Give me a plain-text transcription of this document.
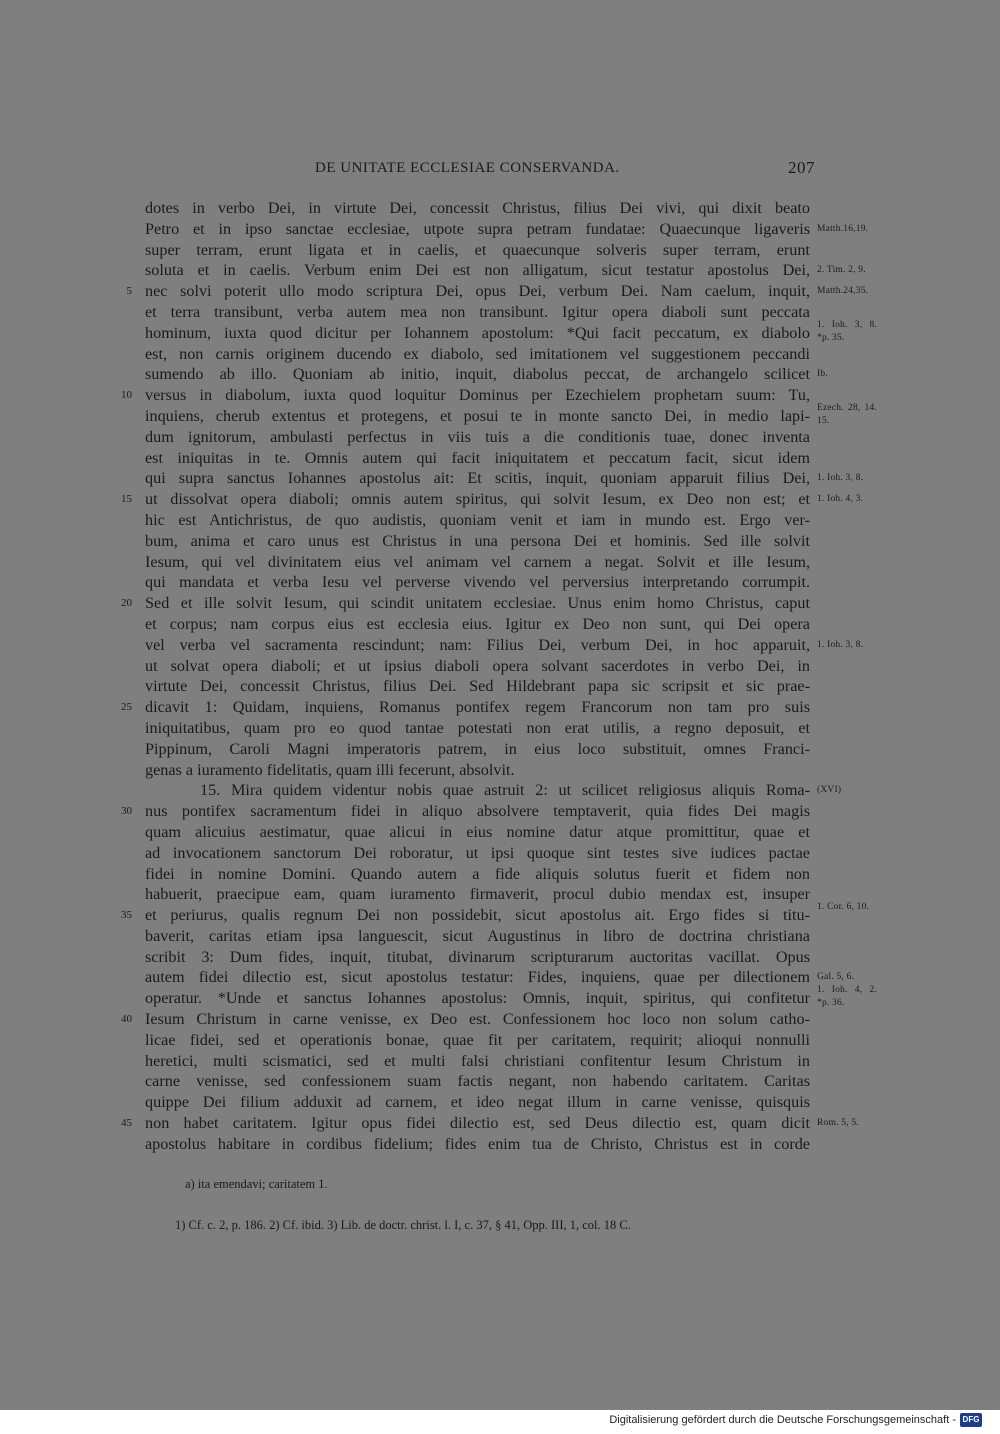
DE UNITATE ECCLESIAE CONSERVANDA.	207
dotes in verbo Dei, in virtute Dei, concessit Christus, filius Dei vivi, qui dixit beato
Petro et in ipso sanctae ecclesiae, utpote supra petram fundatae: Quaecunque ligaveris Matth.16,19.
super terram, erunt ligata et in caelis, et quaecunque solveris super terram, erunt
soluta et in caelis. Verbum enim Dei est non alligatum, sicut testatur apostolus Dei, 2. Tim. 2, 9.
5 nec solvi poterit ullo modo scriptura Dei, opus Dei, verbum Dei. Nam caelum, inquit, Matth.24,35.
et terra transibunt, verba autem mea non transibunt. Igitur opera diaboli sunt peccata
hominum, iuxta quod dicitur per Iohannem apostolum: *Qui facit peccatum, ex diabolo 1. Ioh. 3, 8. *p. 35.
est, non carnis originem ducendo ex diabolo, sed imitationem vel suggestionem peccandi
sumendo ab illo. Quoniam ab initio, inquit, diabolus peccat, de archangelo scilicet Ib.
10 versus in diabolum, iuxta quod loquitur Dominus per Ezechielem prophetam suum: Tu,
inquiens, cherub extentus et protegens, et posui te in monte sancto Dei, in medio lapi- Ezech. 28, 14. 15.
dum ignitorum, ambulasti perfectus in viis tuis a die conditionis tuae, donec inventa
est iniquitas in te. Omnis autem qui facit iniquitatem et peccatum facit, sicut idem
qui supra sanctus Iohannes apostolus ait: Et scitis, inquit, quoniam apparuit filius Dei, 1. Ioh. 3, 8.
15 ut dissolvat opera diaboli; omnis autem spiritus, qui solvit Iesum, ex Deo non est; et 1. Ioh. 4, 3.
hic est Antichristus, de quo audistis, quoniam venit et iam in mundo est. Ergo ver-
bum, anima et caro unus est Christus in una persona Dei et hominis. Sed ille solvit
Iesum, qui vel divinitatem eius vel animam vel carnem a negat. Solvit et ille Iesum,
qui mandata et verba Iesu vel perverse vivendo vel perversius interpretando corrumpit.
20 Sed et ille solvit Iesum, qui scindit unitatem ecclesiae. Unus enim homo Christus, caput
et corpus; nam corpus eius est ecclesia eius. Igitur ex Deo non sunt, qui Dei opera
vel verba vel sacramenta rescindunt; nam: Filius Dei, verbum Dei, in hoc apparuit, 1. Ioh. 3, 8.
ut solvat opera diaboli; et ut ipsius diaboli opera solvant sacerdotes in verbo Dei, in
virtute Dei, concessit Christus, filius Dei. Sed Hildebrant papa sic scripsit et sic prae-
25 dicavit 1: Quidam, inquiens, Romanus pontifex regem Francorum non tam pro suis
iniquitatibus, quam pro eo quod tantae potestati non erat utilis, a regno deposuit, et
Pippinum, Caroli Magni imperatoris patrem, in eius loco substituit, omnes Franci-
genas a iuramento fidelitatis, quam illi fecerunt, absolvit.
15. Mira quidem videntur nobis quae astruit 2: ut scilicet religiosus aliquis Roma- (XVI)
30 nus pontifex sacramentum fidei in aliquo absolvere temptaverit, quia fides Dei magis
quam alicuius aestimatur, quae alicui in eius nomine datur atque promittitur, quae et
ad invocationem sanctorum Dei roboratur, ut ipsi quoque sint testes sive iudices pactae
fidei in nomine Domini. Quando autem a fide aliquis solutus fuerit et fidem non
habuerit, praecipue eam, quam iuramento firmaverit, procul dubio mendax est, insuper
35 et periurus, qualis regnum Dei non possidebit, sicut apostolus ait. Ergo fides si titu- 1. Cor. 6, 10.
baverit, caritas etiam ipsa languescit, sicut Augustinus in libro de doctrina christiana
scribit 3: Dum fides, inquit, titubat, divinarum scripturarum auctoritas vacillat. Opus
autem fidei dilectio est, sicut apostolus testatur: Fides, inquiens, quae per dilectionem Gal. 5, 6.
operatur. *Unde et sanctus Iohannes apostolus: Omnis, inquit, spiritus, qui confitetur 1. Ioh. 4, 2. *p. 36.
40 Iesum Christum in carne venisse, ex Deo est. Confessionem hoc loco non solum catho-
licae fidei, sed et operationis bonae, quae fit per caritatem, requirit; alioqui nonnulli
heretici, multi scismatici, sed et multi falsi christiani confitentur Iesum Christum in
carne venisse, sed confessionem suam factis negant, non habendo caritatem. Caritas
quippe Dei filium adduxit ad carnem, et ideo negat illum in carne venisse, quisquis
45 non habet caritatem. Igitur opus fidei dilectio est, sed Deus dilectio est, quam dicit Rom. 5, 5.
apostolus habitare in cordibus fidelium; fides enim tua de Christo, Christus est in corde
a) ita emendavi; caritatem 1.
1) Cf. c. 2, p. 186. 2) Cf. ibid. 3) Lib. de doctr. christ. l. I, c. 37, § 41, Opp. III, 1, col. 18 C.
Digitalisierung gefördert durch die Deutsche Forschungsgemeinschaft - DFG
